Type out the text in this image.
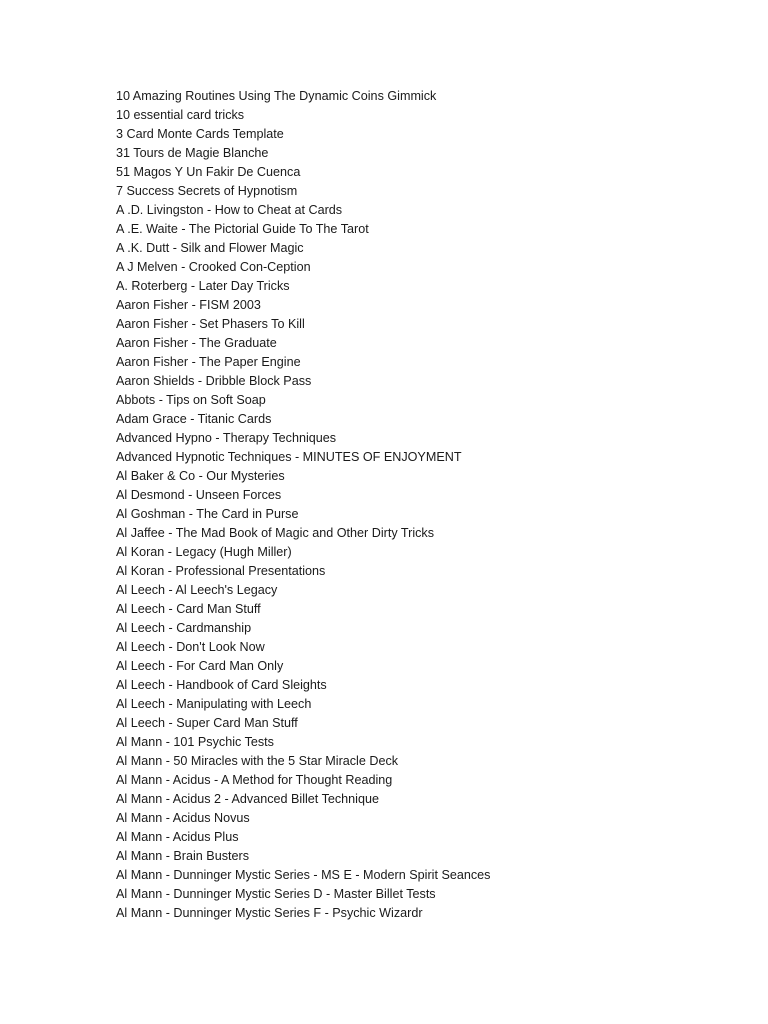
10 Amazing Routines Using The Dynamic Coins Gimmick
10 essential card tricks
3 Card Monte Cards Template
31 Tours de Magie Blanche
51 Magos Y Un Fakir De Cuenca
7 Success Secrets of Hypnotism
A .D. Livingston - How to Cheat at Cards
A .E. Waite - The Pictorial Guide To The Tarot
A .K. Dutt - Silk and Flower Magic
A J Melven - Crooked Con-Ception
A. Roterberg - Later Day Tricks
Aaron Fisher - FISM 2003
Aaron Fisher - Set Phasers To Kill
Aaron Fisher - The Graduate
Aaron Fisher - The Paper Engine
Aaron Shields - Dribble Block Pass
Abbots - Tips on Soft Soap
Adam Grace - Titanic Cards
Advanced Hypno - Therapy Techniques
Advanced Hypnotic Techniques - MINUTES OF ENJOYMENT
Al Baker & Co - Our Mysteries
Al Desmond - Unseen Forces
Al Goshman - The Card in Purse
Al Jaffee - The Mad Book of Magic and Other Dirty Tricks
Al Koran - Legacy (Hugh Miller)
Al Koran - Professional Presentations
Al Leech - Al Leech's Legacy
Al Leech - Card Man Stuff
Al Leech - Cardmanship
Al Leech - Don't Look Now
Al Leech - For Card Man Only
Al Leech - Handbook of Card Sleights
Al Leech - Manipulating with Leech
Al Leech - Super Card Man Stuff
Al Mann - 101 Psychic Tests
Al Mann - 50 Miracles with the 5 Star Miracle Deck
Al Mann - Acidus - A Method for Thought Reading
Al Mann - Acidus 2 - Advanced Billet Technique
Al Mann - Acidus Novus
Al Mann - Acidus Plus
Al Mann - Brain Busters
Al Mann - Dunninger Mystic Series - MS E - Modern Spirit Seances
Al Mann - Dunninger Mystic Series D - Master Billet Tests
Al Mann - Dunninger Mystic Series F - Psychic Wizardr
